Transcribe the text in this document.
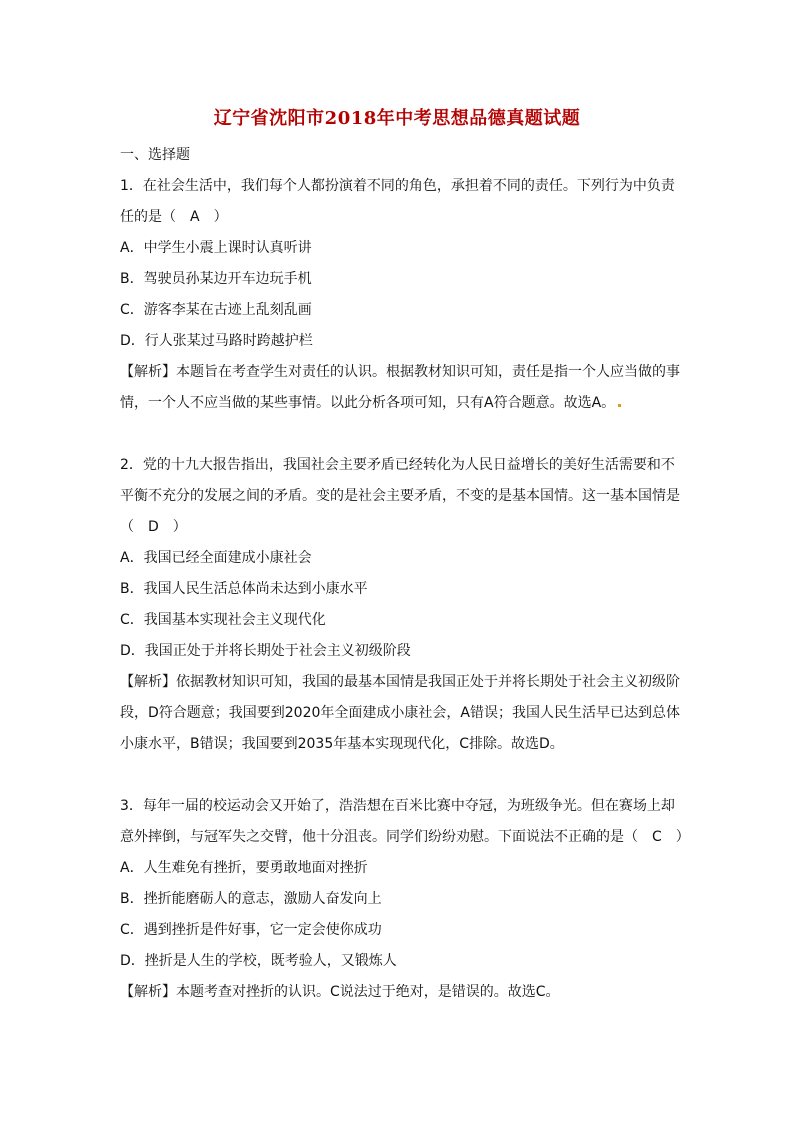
辽宁省沈阳市2018年中考思想品德真题试题
一、选择题
1．在社会生活中，我们每个人都扮演着不同的角色，承担着不同的责任。下列行为中负责
任的是（　A　）
A．中学生小震上课时认真听讲
B．驾驶员孙某边开车边玩手机
C．游客李某在古迹上乱刻乱画
D．行人张某过马路时跨越护栏
【解析】本题旨在考查学生对责任的认识。根据教材知识可知，责任是指一个人应当做的事
情，一个人不应当做的某些事情。以此分析各项可知，只有A符合题意。故选A。
2．党的十九大报告指出，我国社会主要矛盾已经转化为人民日益增长的美好生活需要和不
平衡不充分的发展之间的矛盾。变的是社会主要矛盾，不变的是基本国情。这一基本国情是
（　D　）
A．我国已经全面建成小康社会
B．我国人民生活总体尚未达到小康水平
C．我国基本实现社会主义现代化
D．我国正处于并将长期处于社会主义初级阶段
【解析】依据教材知识可知，我国的最基本国情是我国正处于并将长期处于社会主义初级阶
段，D符合题意；我国要到2020年全面建成小康社会，A错误；我国人民生活早已达到总体
小康水平，B错误；我国要到2035年基本实现现代化，C排除。故选D。
3．每年一届的校运动会又开始了，浩浩想在百米比赛中夺冠，为班级争光。但在赛场上却
意外摔倒，与冠军失之交臂，他十分沮丧。同学们纷纷劝慰。下面说法不正确的是（　C　）
A．人生难免有挫折，要勇敢地面对挫折
B．挫折能磨砺人的意志，激励人奋发向上
C．遇到挫折是件好事，它一定会使你成功
D．挫折是人生的学校，既考验人，又锻炼人
【解析】本题考查对挫折的认识。C说法过于绝对，是错误的。故选C。
